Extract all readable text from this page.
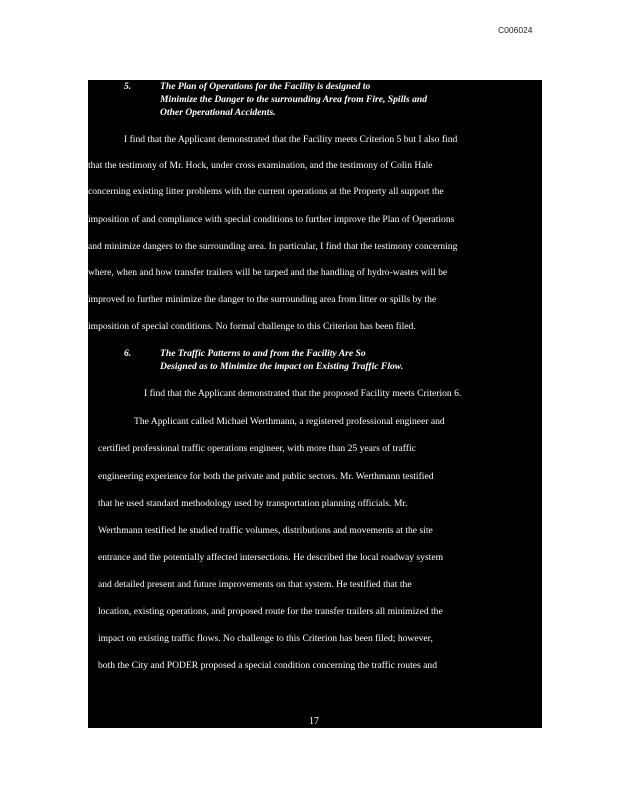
C006024
5.	The Plan of Operations for the Facility is designed to
Minimize the Danger to the surrounding Area from Fire, Spills and
Other Operational Accidents.
I find that the Applicant demonstrated that the Facility meets Criterion 5 but I also find
that the testimony of Mr. Hock, under cross examination, and the testimony of Colin Hale
concerning existing litter problems with the current operations at the Property all support the
imposition of and compliance with special conditions to further improve the Plan of Operations
and minimize dangers to the surrounding area. In particular, I find that the testimony concerning
where, when and how transfer trailers will be tarped and the handling of hydro-wastes will be
improved to further minimize the danger to the surrounding area from litter or spills by the
imposition of special conditions. No formal challenge to this Criterion has been filed.
6.	The Traffic Patterns to and from the Facility Are So
Designed as to Minimize the impact on Existing Traffic Flow.
I find that the Applicant demonstrated that the proposed Facility meets Criterion 6.
The Applicant called Michael Werthmann, a registered professional engineer and
certified professional traffic operations engineer, with more than 25 years of traffic
engineering experience for both the private and public sectors. Mr. Werthmann testified
that he used standard methodology used by transportation planning officials. Mr.
Werthmann testified he studied traffic volumes, distributions and movements at the site
entrance and the potentially affected intersections. He described the local roadway system
and detailed present and future improvements on that system. He testified that the
location, existing operations, and proposed route for the transfer trailers all minimized the
impact on existing traffic flows. No challenge to this Criterion has been filed; however,
both the City and PODER proposed a special condition concerning the traffic routes and
17
